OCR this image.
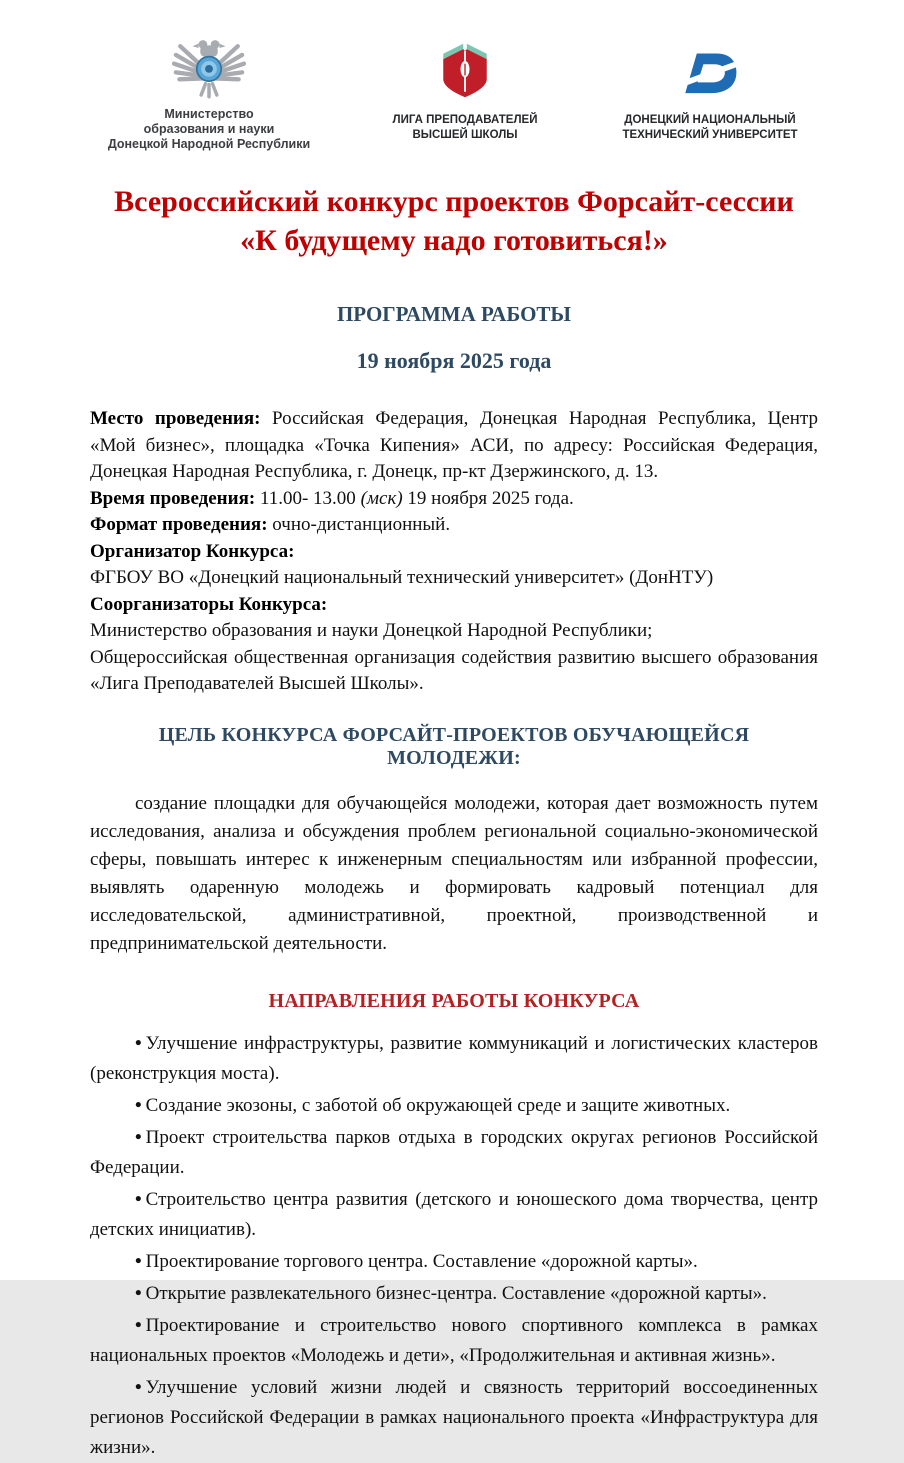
Министерство
образования и науки
Донецкой Народной Республики
ЛИГА ПРЕПОДАВАТЕЛЕЙ
ВЫСШЕЙ ШКОЛЫ
ДОНЕЦКИЙ НАЦИОНАЛЬНЫЙ
ТЕХНИЧЕСКИЙ УНИВЕРСИТЕТ
Всероссийский конкурс проектов Форсайт-сессии
«К будущему надо готовиться!»
ПРОГРАММА РАБОТЫ
19 ноября 2025 года

Место проведения: Российская Федерация, Донецкая Народная Республика, Центр «Мой бизнес», площадка «Точка Кипения» АСИ, по адресу: Российская Федерация, Донецкая Народная Республика, г. Донецк, пр-кт Дзержинского, д. 13.

Время проведения: 11.00- 13.00 (мск) 19 ноября 2025 года.

Формат проведения: очно-дистанционный.

Организатор Конкурса:

ФГБОУ ВО «Донецкий национальный технический университет» (ДонНТУ)

Соорганизаторы Конкурса:

Министерство образования и науки Донецкой Народной Республики;

Общероссийская общественная организация содействия развитию высшего образования «Лига Преподавателей Высшей Школы».

ЦЕЛЬ КОНКУРСА ФОРСАЙТ-ПРОЕКТОВ ОБУЧАЮЩЕЙСЯ МОЛОДЕЖИ:
создание площадки для обучающейся молодежи, которая дает возможность путем исследования, анализа и обсуждения проблем региональной социально-экономической сферы, повышать интерес к инженерным специальностям или избранной профессии, выявлять одаренную молодежь и формировать кадровый потенциал для исследовательской, административной, проектной, производственной и предпринимательской деятельности.
НАПРАВЛЕНИЯ РАБОТЫ КОНКУРСА

• Улучшение инфраструктуры, развитие коммуникаций и логистических кластеров (реконструкция моста).

• Создание экозоны, с заботой об окружающей среде и защите животных.

• Проект строительства парков отдыха в городских округах регионов Российской Федерации.

• Строительство центра развития (детского и юношеского дома творчества, центр детских инициатив).

• Проектирование торгового центра. Составление «дорожной карты».

• Открытие развлекательного бизнес-центра. Составление «дорожной карты».

• Проектирование и строительство нового спортивного комплекса в рамках национальных проектов «Молодежь и дети», «Продолжительная и активная жизнь».

• Улучшение условий жизни людей и связность территорий воссоединенных регионов Российской Федерации в рамках национального проекта «Инфраструктура для жизни».
